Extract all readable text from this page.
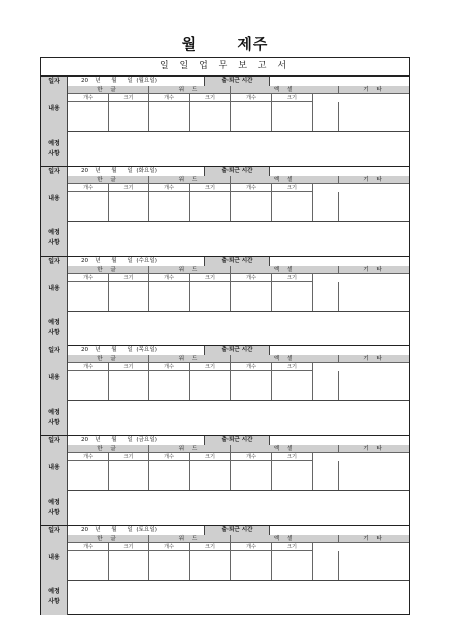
월 제주
일 일 업 무 보 고 서
일자	20    년      월      일  (월요일)	출·퇴근 시간
내용
한 글	워 드	엑 셀	기 타
개수	크기	개수	크기	개수	크기
예정
사항
일자	20    년      월      일  (화요일)	출·퇴근 시간
내용
한 글	워 드	엑 셀	기 타
개수	크기	개수	크기	개수	크기
예정
사항
일자	20    년      월      일  (수요일)	출·퇴근 시간
내용
한 글	워 드	엑 셀	기 타
개수	크기	개수	크기	개수	크기
예정
사항
일자	20    년      월      일  (목요일)	출·퇴근 시간
내용
한 글	워 드	엑 셀	기 타
개수	크기	개수	크기	개수	크기
예정
사항
일자	20    년      월      일  (금요일)	출·퇴근 시간
내용
한 글	워 드	엑 셀	기 타
개수	크기	개수	크기	개수	크기
예정
사항
일자	20    년      월      일  (토요일)	출·퇴근 시간
내용
한 글	워 드	엑 셀	기 타
개수	크기	개수	크기	개수	크기
예정
사항
